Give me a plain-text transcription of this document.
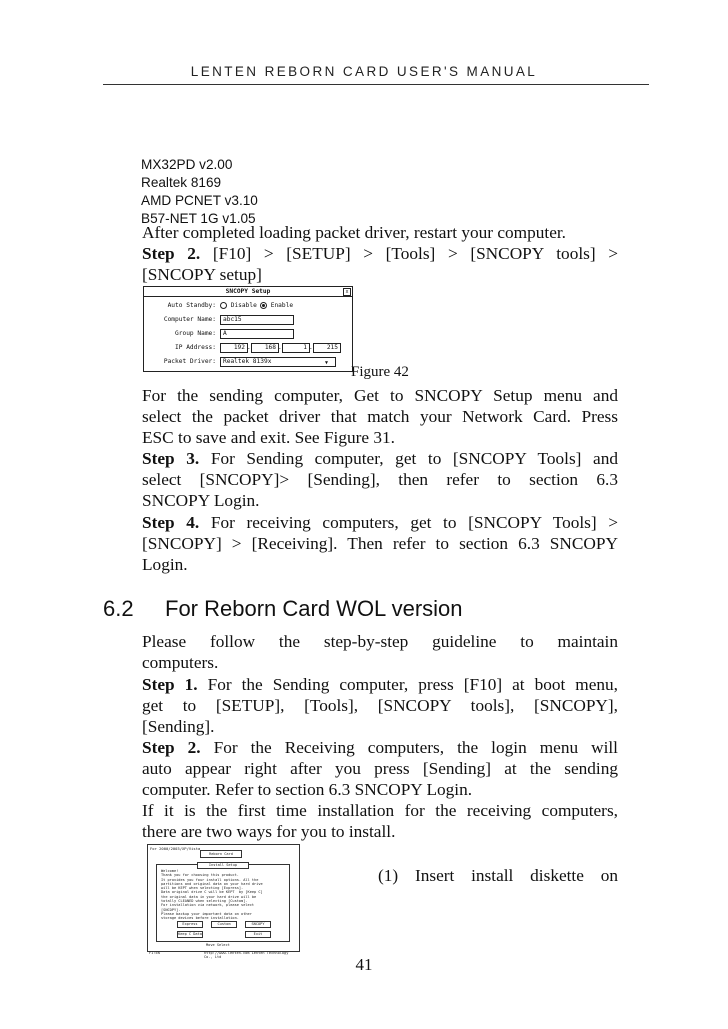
LENTEN REBORN CARD USER'S MANUAL
MX32PD v2.00
Realtek 8169
AMD PCNET v3.10
B57-NET 1G v1.05
After completed loading packet driver, restart your computer.
Step 2. [F10] > [SETUP] > [Tools] > [SNCOPY tools] >
[SNCOPY setup]
SNCOPY Setup	x
Auto Standby:	Disable	Enable
Computer Name:	abc15
Group Name:	A
IP Address:	192 .	168 .	1 .	215
Packet Driver:	Realtek 8139x	▼
Figure 42
For the sending computer, Get to SNCOPY Setup menu and
select the packet driver that match your Network Card. Press
ESC to save and exit. See Figure 31.
Step 3. For Sending computer, get to [SNCOPY Tools] and
select [SNCOPY]> [Sending], then refer to section 6.3
SNCOPY Login.
Step 4. For receiving computers, get to [SNCOPY Tools] >
[SNCOPY] > [Receiving]. Then refer to section 6.3 SNCOPY
Login.
6.2 For Reborn Card WOL version
Please follow the step-by-step guideline to maintain
computers.
Step 1. For the Sending computer, press [F10] at boot menu,
get to [SETUP], [Tools], [SNCOPY tools], [SNCOPY],
[Sending].
Step 2. For the Receiving computers, the login menu will
auto appear right after you press [Sending] at the sending
computer. Refer to section 6.3 SNCOPY Login.
If it is the first time installation for the receiving computers,
there are two ways for you to install.
For 2000/2003/XP/Vista
Reborn Card
Install Setup
Welcome!
Thank you for choosing this product.
It provides you four install options. All the
partitions and original data on your hard drive
will be KEPT when selecting [Express].
Data original drive C will be KEPT  by [Keep C]
the original data in your hard drive will be
totally CLEANED when selecting [Custom].
For installation via network, please select
[SNCOPY].
Please backup your important data on other
storage devices before installation.
Express	Custom	SNCOPY
Keep C Data	Exit
Move Select
F1:EN	http://www.lenten.com Lenten Technology Co., Ltd
(1) Insert install diskette on
41
